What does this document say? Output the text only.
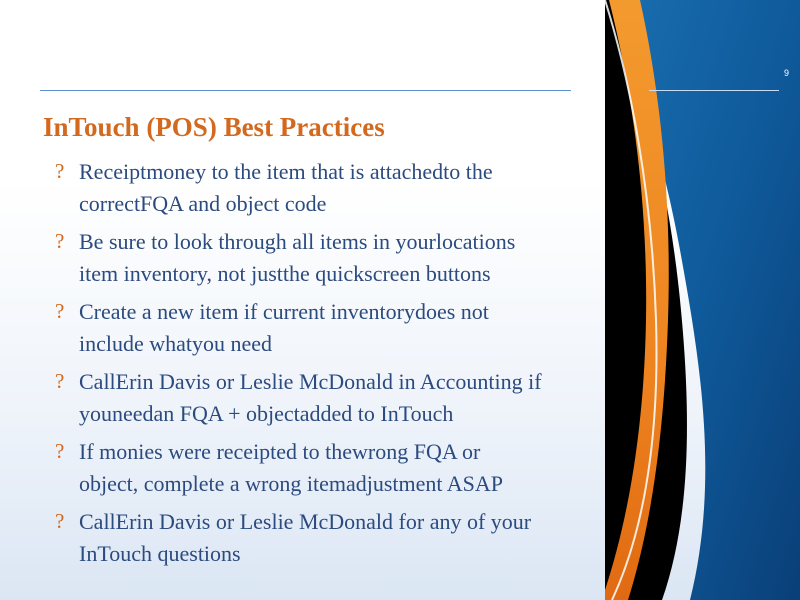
9
InTouch (POS) Best Practices
? Receiptmoney to the item that is attachedto the
correctFQA and object code
? Be sure to look through all items in yourlocations
item inventory, not justthe quickscreen buttons
? Create a new item if current inventorydoes not
include whatyou need
? CallErin Davis or Leslie McDonald in Accounting if
youneedan FQA + objectadded to InTouch
? If monies were receipted to thewrong FQA or
object, complete a wrong itemadjustment ASAP
? CallErin Davis or Leslie McDonald for any of your
InTouch questions
